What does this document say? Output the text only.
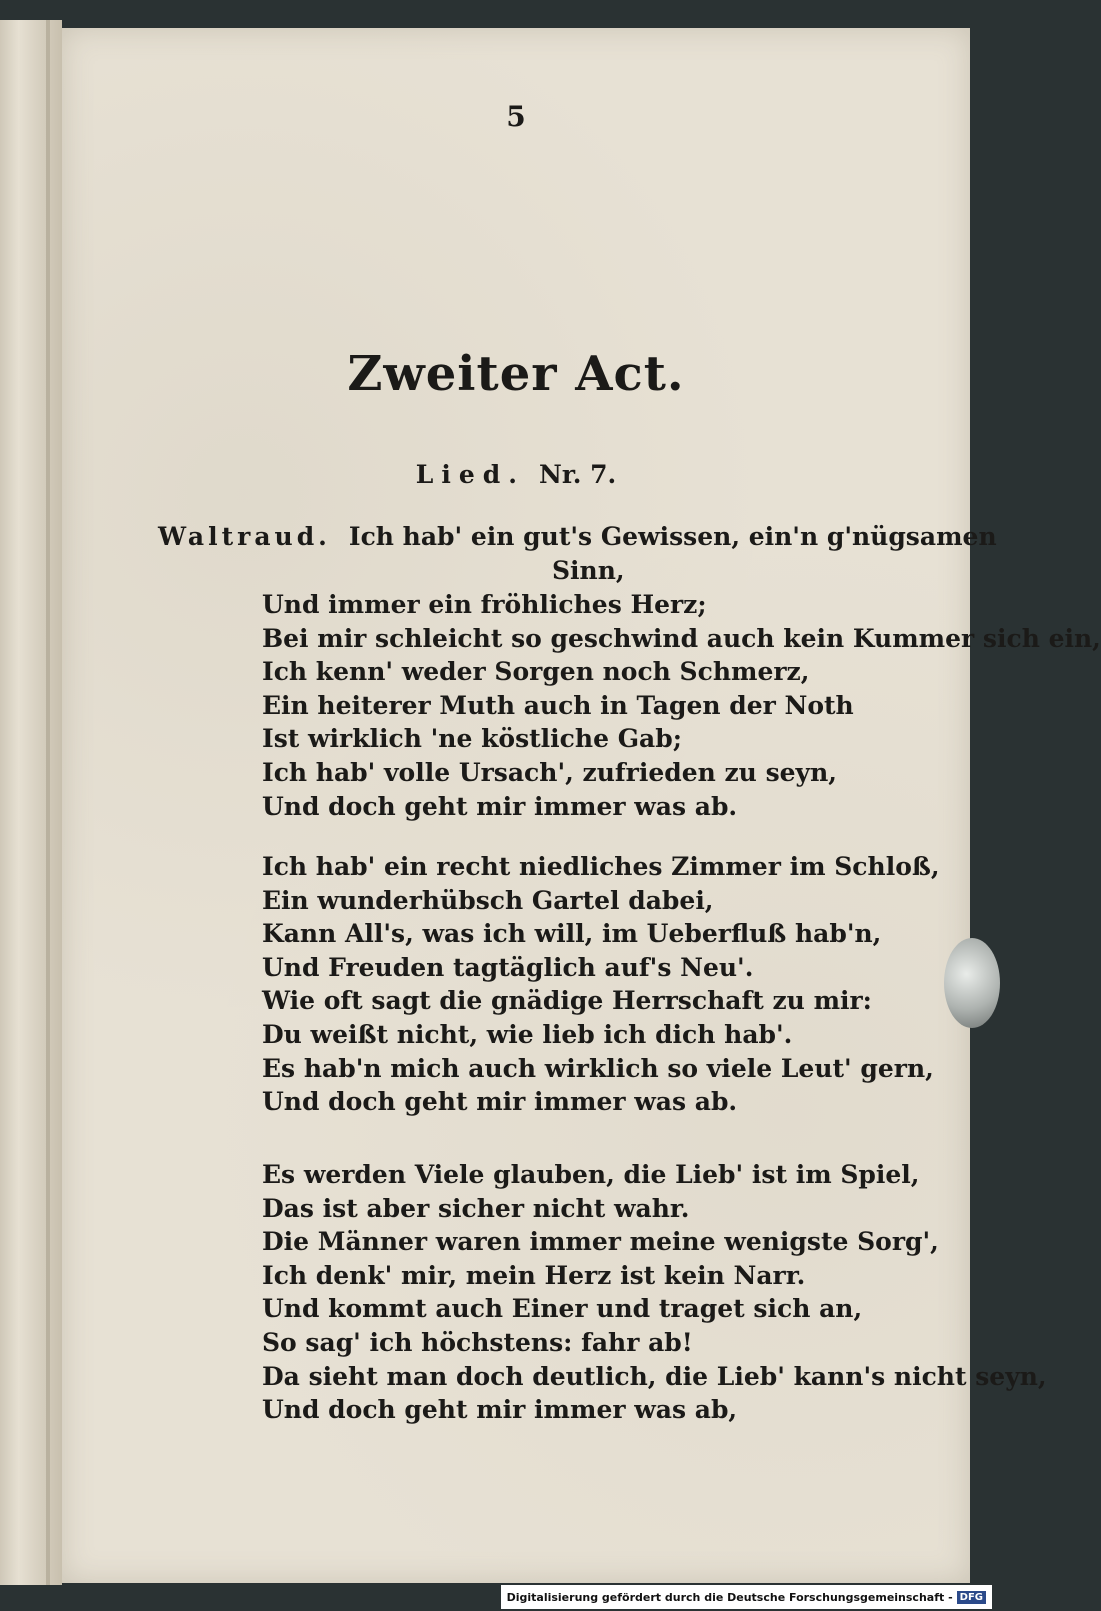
5
Zweiter Act.
Lied. Nr. 7.
Waltraud. Ich hab' ein gut's Gewissen, ein'n g'nügsamen
Sinn,
Und immer ein fröhliches Herz;
Bei mir schleicht so geschwind auch kein Kummer sich ein,
Ich kenn' weder Sorgen noch Schmerz,
Ein heiterer Muth auch in Tagen der Noth
Ist wirklich 'ne köstliche Gab;
Ich hab' volle Ursach', zufrieden zu seyn,
Und doch geht mir immer was ab.
Ich hab' ein recht niedliches Zimmer im Schloß,
Ein wunderhübsch Gartel dabei,
Kann All's, was ich will, im Ueberfluß hab'n,
Und Freuden tagtäglich auf's Neu'.
Wie oft sagt die gnädige Herrschaft zu mir:
Du weißt nicht, wie lieb ich dich hab'.
Es hab'n mich auch wirklich so viele Leut' gern,
Und doch geht mir immer was ab.
Es werden Viele glauben, die Lieb' ist im Spiel,
Das ist aber sicher nicht wahr.
Die Männer waren immer meine wenigste Sorg',
Ich denk' mir, mein Herz ist kein Narr.
Und kommt auch Einer und traget sich an,
So sag' ich höchstens: fahr ab!
Da sieht man doch deutlich, die Lieb' kann's nicht seyn,
Und doch geht mir immer was ab,
Digitalisierung gefördert durch die Deutsche Forschungsgemeinschaft - DFG
